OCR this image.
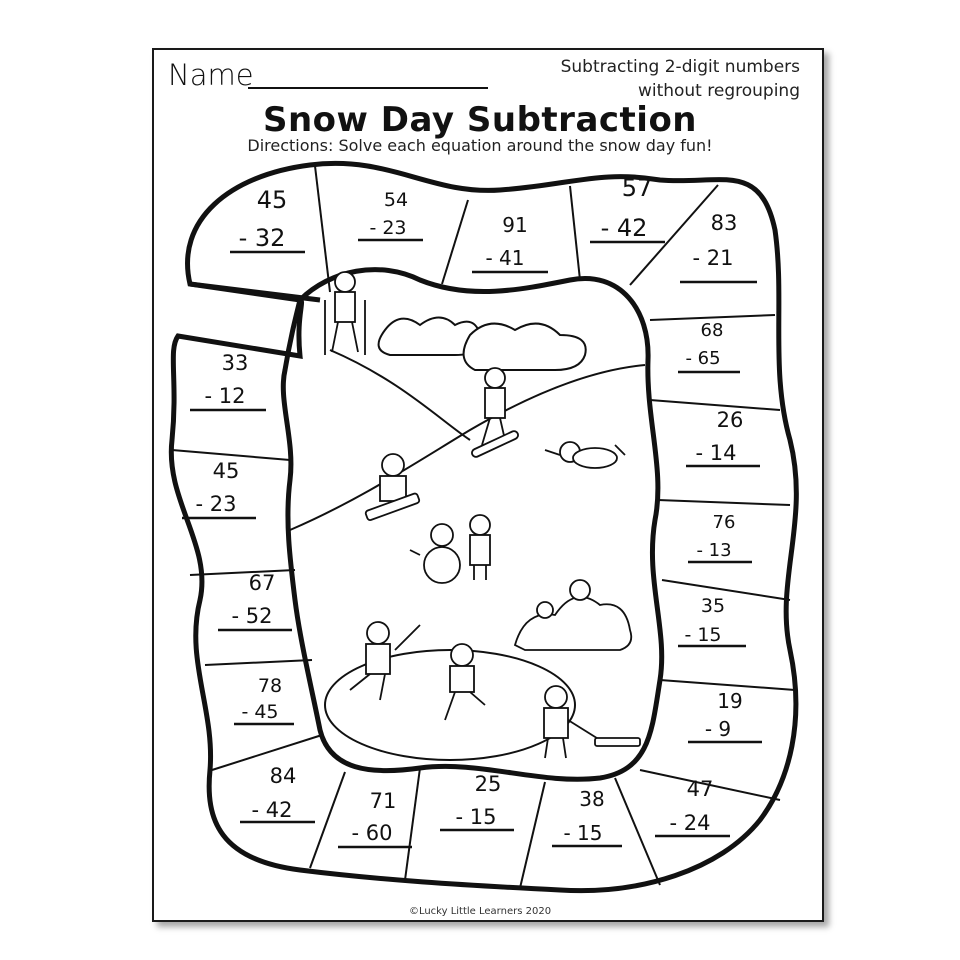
Name	Subtracting 2-digit numbers
without regrouping
Snow Day Subtraction
Directions: Solve each equation around the snow day fun!
45
- 32
54
- 23	91
- 41
57
- 42	83
- 21
68
- 65
26
- 14
76
- 13
35
- 15
19
- 9
47
- 24
38
- 15
25
- 15
71
- 60
84
- 42
78
- 45
67
- 52
45
- 23
33
- 12
©Lucky Little Learners 2020
